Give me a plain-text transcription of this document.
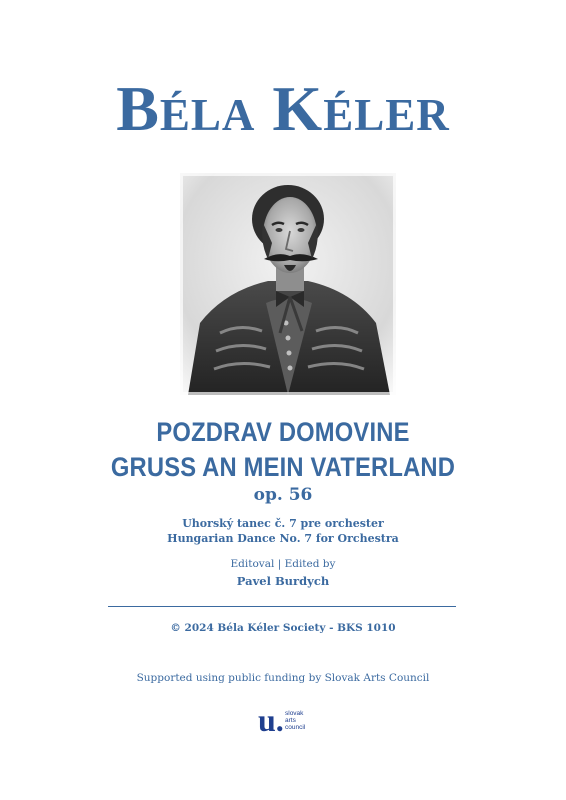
Béla Kéler
POZDRAV DOMOVINE
GRUSS AN MEIN VATERLAND
op. 56
Uhorský tanec č. 7 pre orchester
Hungarian Dance No. 7 for Orchestra
Editoval | Edited by
Pavel Burdych
© 2024 Béla Kéler Society - BKS 1010
Supported using public funding by Slovak Arts Council
u. slovak
arts
council
